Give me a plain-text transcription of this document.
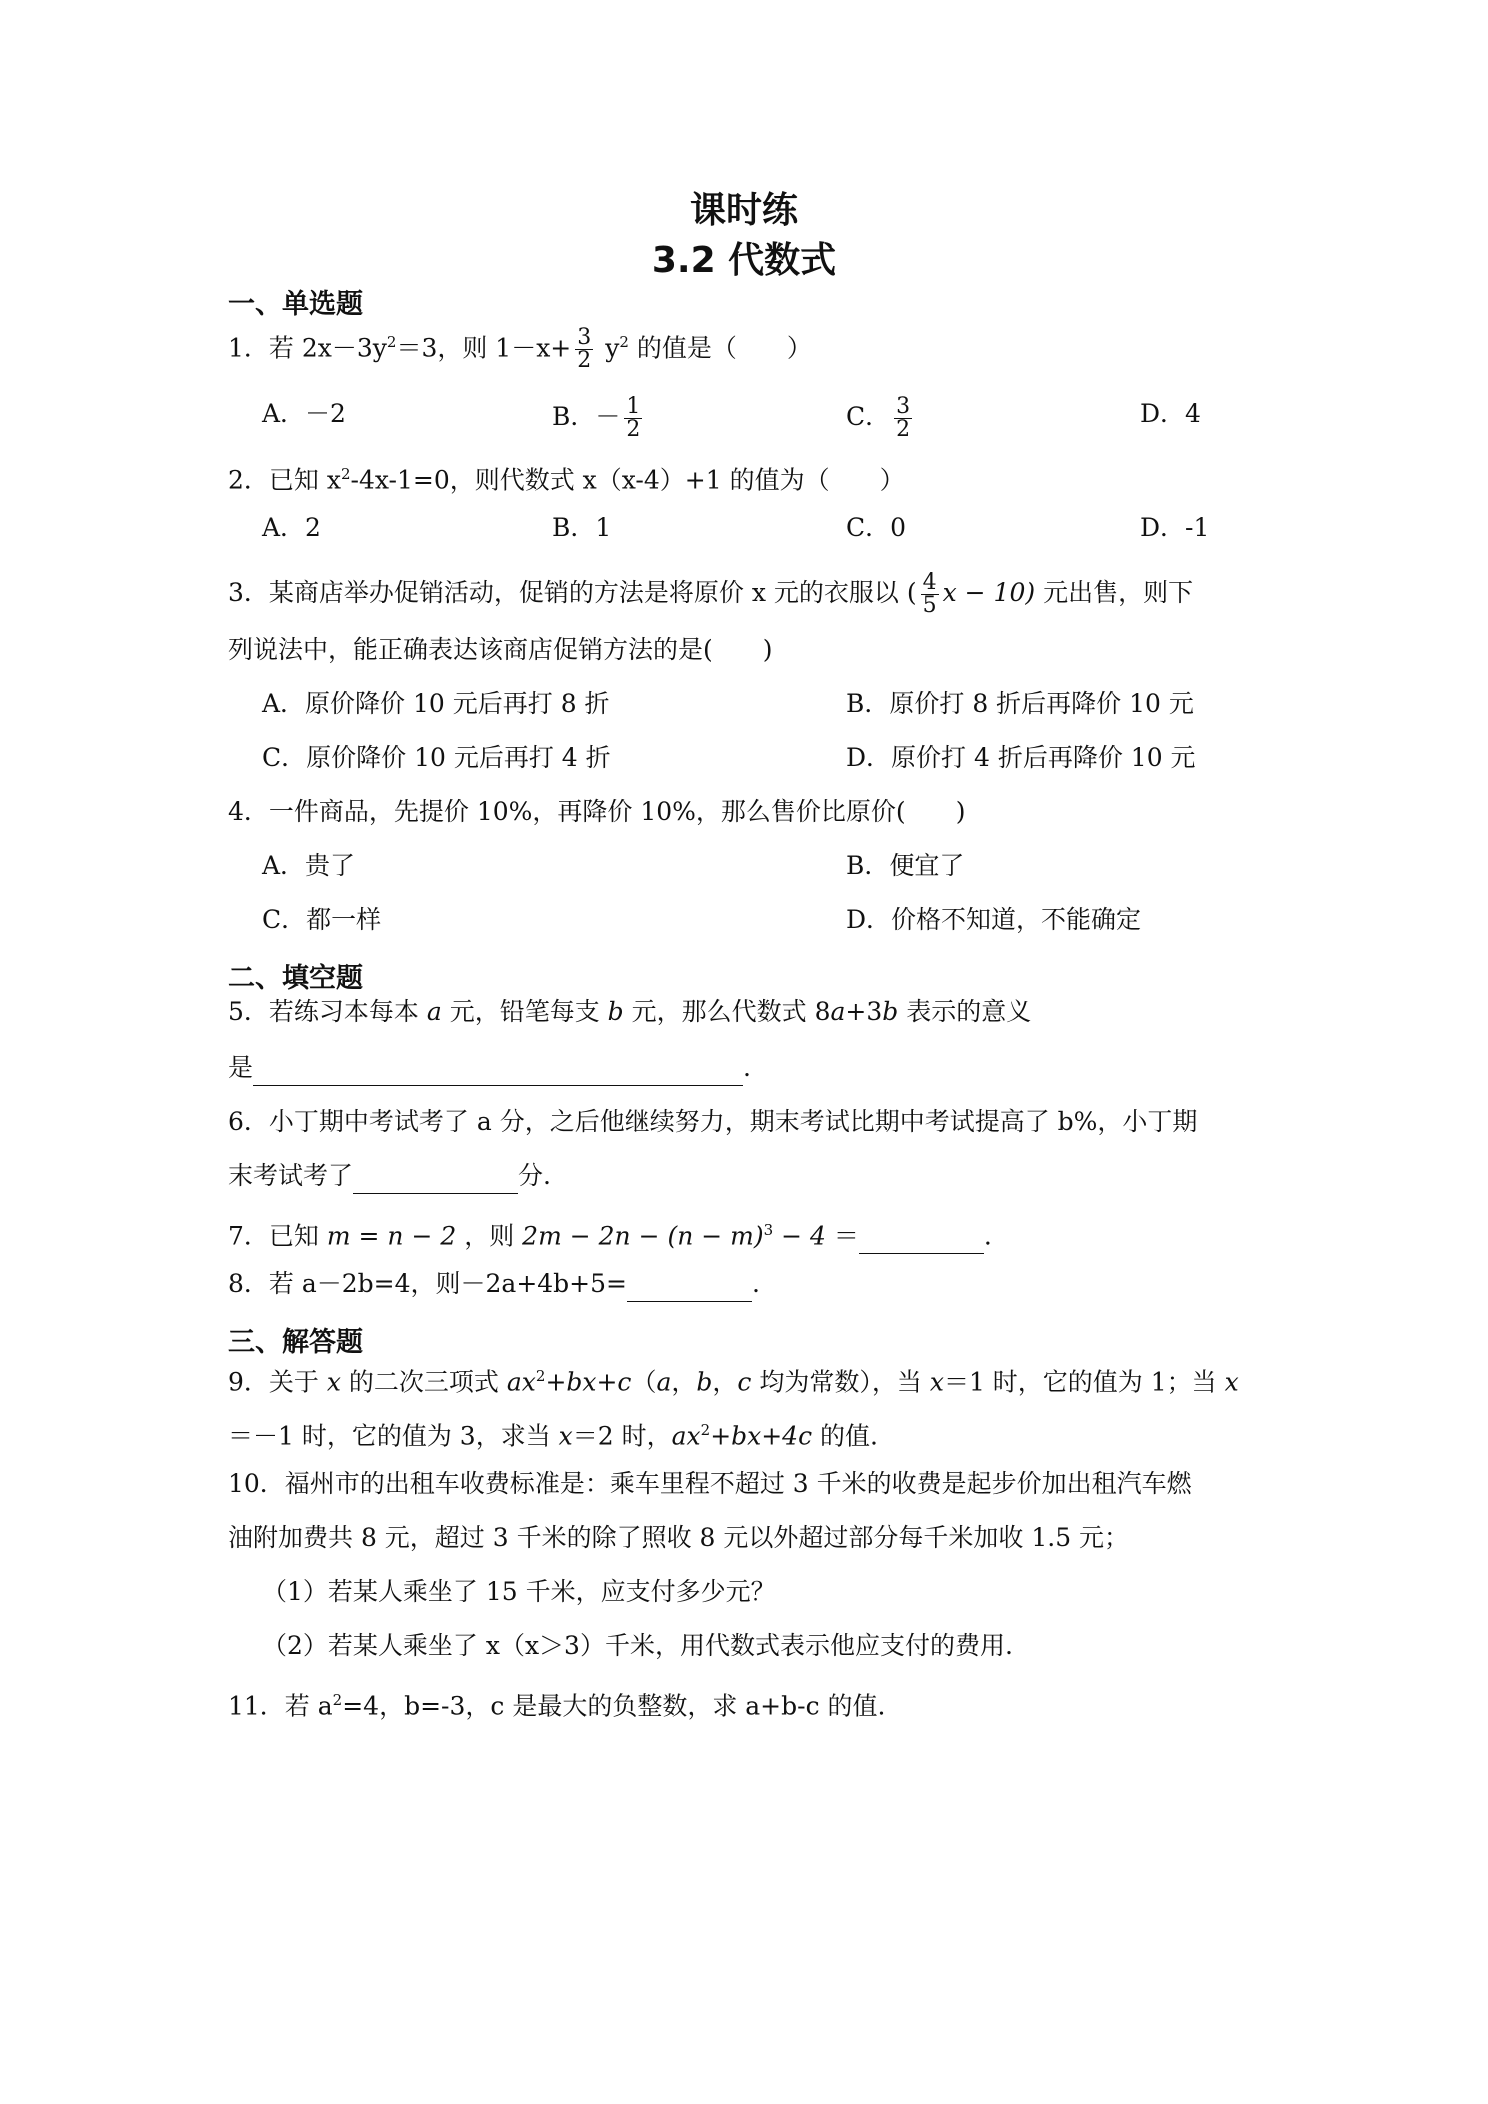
课时练
3.2 代数式
一、单选题
1．若 $2x-3y^2=3$，则 $1-x+ \frac{3}{2} y^2$ 的值是（　　）
A．－2	B．－ $\frac{1}{2}$	C． $\frac{3}{2}$	D．4
2．已知 $x^2-4x-1=0$，则代数式 x（x-4）+1 的值为（　　）
A．2	B．1	C．0	D．-1
3．某商店举办促销活动，促销的方法是将原价 x 元的衣服以 ( $\frac{4}{5}$ x − 10) 元出售，则下
列说法中，能正确表达该商店促销方法的是(　　)
A．原价降价 10 元后再打 8 折	B．原价打 8 折后再降价 10 元
C．原价降价 10 元后再打 4 折	D．原价打 4 折后再降价 10 元
4．一件商品，先提价 10%，再降价 10%，那么售价比原价(　　)
A．贵了	B．便宜了
C．都一样	D．价格不知道，不能确定
二、填空题
5．若练习本每本 a 元，铅笔每支 b 元，那么代数式 8a+3b 表示的意义
是	.
6．小丁期中考试考了 a 分，之后他继续努力，期末考试比期中考试提高了 b%，小丁期
末考试考了	分.
7．已知 m = n − 2 ，则 $2m - 2n - (n - m)^3 - 4$ ＝	.
8．若 a－2b=4，则－2a+4b+5=	.
三、解答题
9．关于 x 的二次三项式 $ax^2+bx+c(a$，b，c 均为常数），当 x＝1 时，它的值为 1；当 x
＝－1 时，它的值为 3，求当 x＝2 时，$ax^2+bx+4c$ 的值.
10．福州市的出租车收费标准是：乘车里程不超过 3 千米的收费是起步价加出租汽车燃
油附加费共 8 元，超过 3 千米的除了照收 8 元以外超过部分每千米加收 1.5 元；
（1）若某人乘坐了 15 千米，应支付多少元？
（2）若某人乘坐了 x（x＞3）千米，用代数式表示他应支付的费用.
11．若 $a^2=4$，b=-3，c 是最大的负整数，求 a+b-c 的值.
